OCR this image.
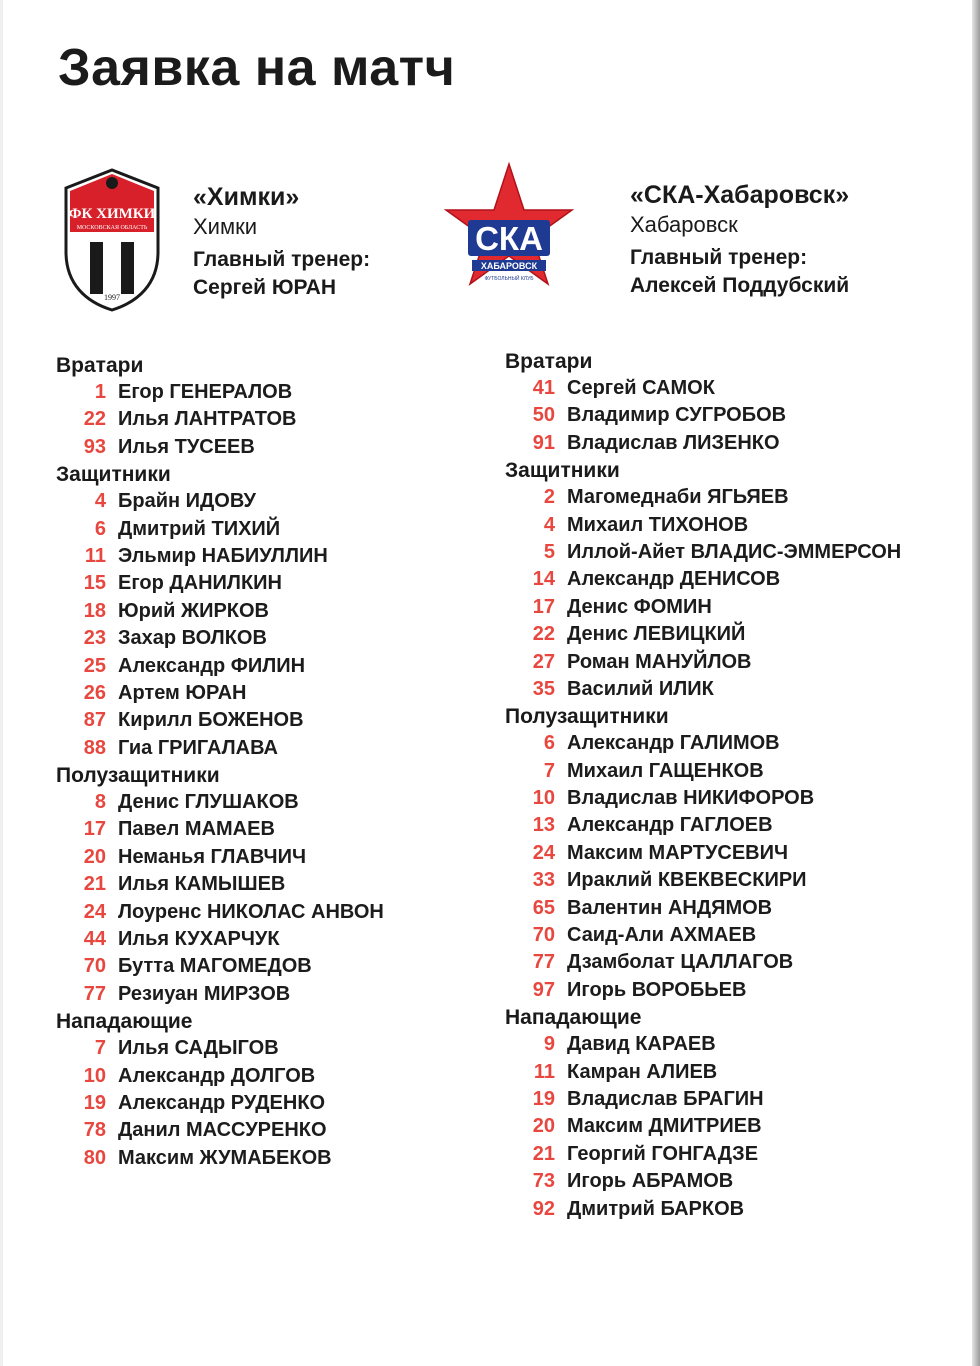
Заявка на матч
ФК ХИМКИ
МОСКОВСКАЯ ОБЛАСТЬ
1997
«Химки»
Химки
Главный тренер:
Сергей ЮРАН
СКА
ХАБАРОВСК
ФУТБОЛЬНЫЙ КЛУБ
«СКА-Хабаровск»
Хабаровск
Главный тренер:
Алексей Поддубский
Вратари
1 Егор ГЕНЕРАЛОВ
22 Илья ЛАНТРАТОВ
93 Илья ТУСЕЕВ
Защитники
4 Брайн ИДОВУ
6 Дмитрий ТИХИЙ
11 Эльмир НАБИУЛЛИН
15 Егор ДАНИЛКИН
18 Юрий ЖИРКОВ
23 Захар ВОЛКОВ
25 Александр ФИЛИН
26 Артем ЮРАН
87 Кирилл БОЖЕНОВ
88 Гиа ГРИГАЛАВА
Полузащитники
8 Денис ГЛУШАКОВ
17 Павел МАМАЕВ
20 Неманья ГЛАВЧИЧ
21 Илья КАМЫШЕВ
24 Лоуренс НИКОЛАС АНВОН
44 Илья КУХАРЧУК
70 Бутта МАГОМЕДОВ
77 Резиуан МИРЗОВ
Нападающие
7 Илья САДЫГОВ
10 Александр ДОЛГОВ
19 Александр РУДЕНКО
78 Данил МАССУРЕНКО
80 Максим ЖУМАБЕКОВ
Вратари
41 Сергей САМОК
50 Владимир СУГРОБОВ
91 Владислав ЛИЗЕНКО
Защитники
2 Магомеднаби ЯГЬЯЕВ
4 Михаил ТИХОНОВ
5 Иллой-Айет ВЛАДИС-ЭММЕРСОН
14 Александр ДЕНИСОВ
17 Денис ФОМИН
22 Денис ЛЕВИЦКИЙ
27 Роман МАНУЙЛОВ
35 Василий ИЛИК
Полузащитники
6 Александр ГАЛИМОВ
7 Михаил ГАЩЕНКОВ
10 Владислав НИКИФОРОВ
13 Александр ГАГЛОЕВ
24 Максим МАРТУСЕВИЧ
33 Ираклий КВЕКВЕСКИРИ
65 Валентин АНДЯМОВ
70 Саид-Али АХМАЕВ
77 Дзамболат ЦАЛЛАГОВ
97 Игорь ВОРОБЬЕВ
Нападающие
9 Давид КАРАЕВ
11 Камран АЛИЕВ
19 Владислав БРАГИН
20 Максим ДМИТРИЕВ
21 Георгий ГОНГАДЗЕ
73 Игорь АБРАМОВ
92 Дмитрий БАРКОВ
